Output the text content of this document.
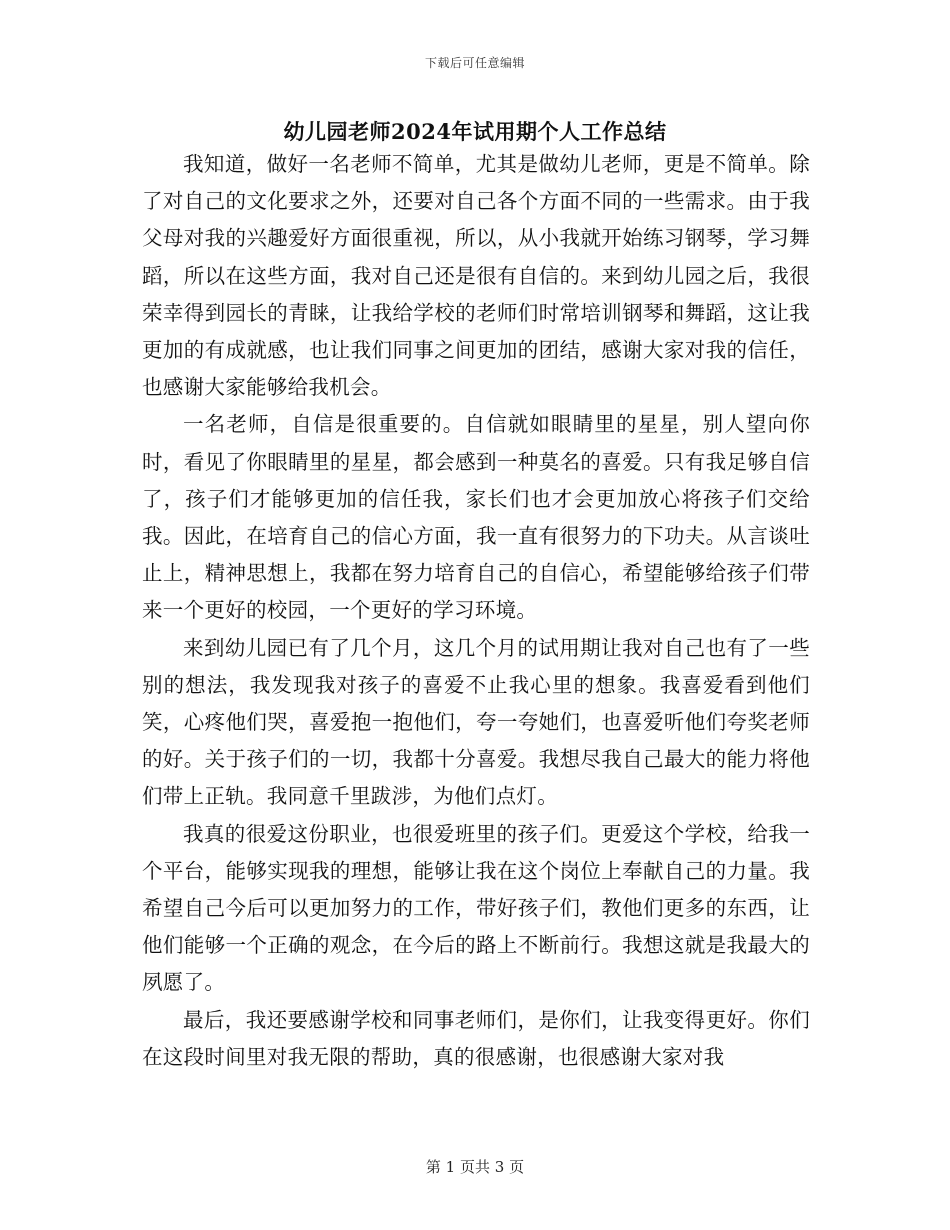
下载后可任意编辑
幼儿园老师2024年试用期个人工作总结

我知道，做好一名老师不简单，尤其是做幼儿老师，更是不简单。除了对自己的文化要求之外，还要对自己各个方面不同的一些需求。由于我父母对我的兴趣爱好方面很重视，所以，从小我就开始练习钢琴，学习舞蹈，所以在这些方面，我对自己还是很有自信的。来到幼儿园之后，我很荣幸得到园长的青睐，让我给学校的老师们时常培训钢琴和舞蹈，这让我更加的有成就感，也让我们同事之间更加的团结，感谢大家对我的信任，也感谢大家能够给我机会。

一名老师，自信是很重要的。自信就如眼睛里的星星，别人望向你时，看见了你眼睛里的星星，都会感到一种莫名的喜爱。只有我足够自信了，孩子们才能够更加的信任我，家长们也才会更加放心将孩子们交给我。因此，在培育自己的信心方面，我一直有很努力的下功夫。从言谈吐止上，精神思想上，我都在努力培育自己的自信心，希望能够给孩子们带来一个更好的校园，一个更好的学习环境。

来到幼儿园已有了几个月，这几个月的试用期让我对自己也有了一些别的想法，我发现我对孩子的喜爱不止我心里的想象。我喜爱看到他们笑，心疼他们哭，喜爱抱一抱他们，夸一夸她们，也喜爱听他们夸奖老师的好。关于孩子们的一切，我都十分喜爱。我想尽我自己最大的能力将他们带上正轨。我同意千里跋涉，为他们点灯。

我真的很爱这份职业，也很爱班里的孩子们。更爱这个学校，给我一个平台，能够实现我的理想，能够让我在这个岗位上奉献自己的力量。我希望自己今后可以更加努力的工作，带好孩子们，教他们更多的东西，让他们能够一个正确的观念，在今后的路上不断前行。我想这就是我最大的夙愿了。

最后，我还要感谢学校和同事老师们，是你们，让我变得更好。你们在这段时间里对我无限的帮助，真的很感谢，也很感谢大家对我

第 1 页共 3 页
